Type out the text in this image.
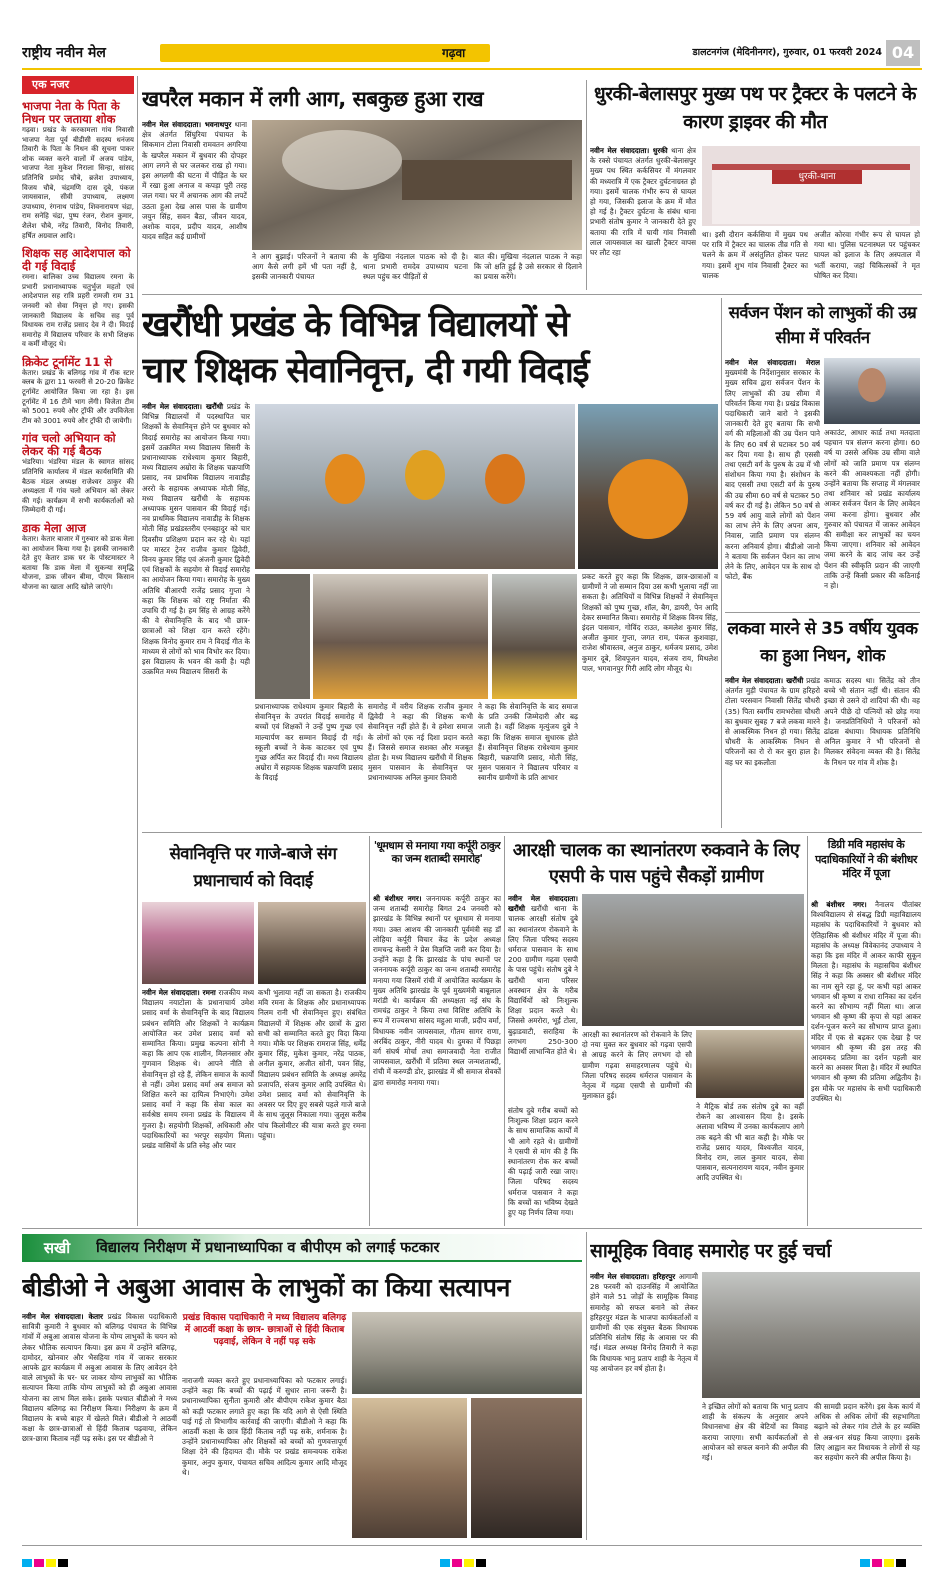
राष्ट्रीय नवीन मेल	गढ़वा	डालटनगंज (मेदिनीनगर), गुरुवार, 01 फरवरी 2024 04
एक नजर
भाजपा नेता के पिता के निधन पर जताया शोक
गढ़वा। प्रखंड के करकामला गांव निवासी भाजपा नेता पूर्व बीडीसी सदस्य धनंजय तिवारी के पिता के निधन की सूचना पाकर शोक व्यक्त करने वालों में अजय पांडेय, भाजपा नेता मुकेश निराला सिन्हा, सांसद प्रतिनिधि प्रमोद चौबे, ब्रजेश उपाध्याय, विजय चौबे, चंद्रमणि दास दूबे, पंकज जायसवाल, सीवी उपाध्याय, लक्ष्मण उपाध्याय, रंगनाथ पांडेय, शिवनारायण चंद्रा, राम सनेहि चंद्रा, पुष्प रंजन, रोशन कुमार, शैलेश चौबे, नरेंद्र तिवारी, विनोद तिवारी, हर्षित अग्रवाल आदि।
शिक्षक सह आदेशपाल को दी गई विदाई
रमना। बालिका उच्च विद्यालय रमना के प्रभारी प्रधानाध्यापक चतुर्भुज महतो एवं आदेशपाल सह रात्रि प्रहरी रामजी राम 31 जनवरी को सेवा निवृत्त हो गए। इसकी जानकारी विद्यालय के सचिव सह पूर्व विधायक राम राजेंद्र प्रसाद देव ने दी। विदाई समारोह में विद्यालय परिवार के सभी शिक्षक व कर्मी मौजूद थे।
क्रिकेट टूर्नामेंट 11 से
केतार। प्रखंड के बलिगढ़ गांव में रॉक स्टार क्लब के द्वारा 11 फरवरी से 20-20 क्रिकेट टूर्नामेंट आयोजित किया जा रहा है। इस टूर्नामेंट में 16 टीमें भाग लेंगी। विजेता टीम को 5001 रुपये और ट्रॉफी और उपविजेता टीम को 3001 रुपये और ट्रॉफी दी जायेगी।
गांव चलो अभियान को लेकर की गई बैठक
भंडरिया। भंडरिया मंडल के स्वागत सांसद प्रतिनिधि कार्यालय में मंडल कार्यसमिति की बैठक मंडल अध्यक्ष राजेश्वर ठाकुर की अध्यक्षता में गांव चलो अभियान को लेकर की गई। कार्यक्रम में सभी कार्यकर्ताओं को जिम्मेदारी दी गई।
डाक मेला आज
केतार। केतार बाजार में गुरुवार को डाक मेला का आयोजन किया गया है। इसकी जानकारी देते हुए केतार डाक घर के पोस्टमास्टर ने बताया कि डाक मेला में सुकन्या समृद्धि योजना, डाक जीवन बीमा, पीएम किसान योजना का खाता आदि खोले जाएंगे।
खपरैल मकान में लगी आग, सबकुछ हुआ राख
नवीन मेल संवाददाता। भवनाथपुर थाना क्षेत्र अंतर्गत सिंघुरिया पंचायत के सिकमान टोला निवासी रामवतन अगरिया के खपरैल मकान में बुधवार की दोपहर आग लगने से घर जलकर राख हो गया। इस अगलगी की घटना में पीड़ित के घर में रखा हुआ अनाज व कपड़ा पूरी तरह जल गया। घर में अचानक आग की लपटें उठता हुआ देख आस पास के ग्रामीण जयुन सिंह, सवन बैठा, जीवन यादव, अशोक यादव, प्रदीप यादव, आशीष यादव सहित कई ग्रामीणों
ने आग बुझाई। परिजनों ने बताया की आग कैसे लगी हमें भी पता नहीं है, इसकी जानकारी पंचायत
के मुखिया नंदलाल पाठक को दी है। थाना प्रभारी रामदेव उपाध्याय घटना स्थल पहुंच कर पीड़ितों से
बात की। मुखिया नंदलाल पाठक ने कहा कि जो क्षति हुई है उसे सरकार से दिलाने का प्रयास करेंगे।
धुरकी-बेलासपुर मुख्य पथ पर ट्रैक्टर के पलटने के कारण ड्राइवर की मौत
नवीन मेल संवाददाता। धुरकी थाना क्षेत्र के रक्से पंचायत अंतर्गत धुरकी-बेलासपुर मुख्य पथ स्थित कर्कसियर में मंगलवार की मध्यरात्रि में एक ट्रैक्टर दुर्घटनाग्रस्त हो गया। इसमें चालक गंभीर रूप से घायल हो गया, जिसकी इलाज के क्रम में मौत हो गई है। ट्रैक्टर दुर्घटना के संबंध थाना प्रभारी संतोष कुमार ने जानकारी देते हुए बताया की रात्रि में घायी गांव निवासी लाल जायसवाल का खाली ट्रैक्टर वापस घर लौट रहा
धुरकी-थाना
था। इसी दौरान कर्कसिया में मुख्य पथ पर रात्रि में ट्रैक्टर का चालक तीव्र गति से चलने के क्रम में असंतुलित होकर पलट गया। इसमें शुभ गांव निवासी ट्रैक्टर का चालक
अजीत कोरवा गंभीर रूप से घायल हो गया था। पुलिस घटनास्थल पर पहुंचकर घायल को इलाज के लिए अस्पताल में भर्ती कराया, जहां चिकित्सकों ने मृत घोषित कर दिया।
खरौंधी प्रखंड के विभिन्न विद्यालयों से
चार शिक्षक सेवानिवृत्त, दी गयी विदाई
नवीन मेल संवाददाता। खरौंधी प्रखंड के विभिन्न विद्यालयों में पदस्थापित चार शिक्षकों के सेवानिवृत्त होने पर बुधवार को विदाई समारोह का आयोजन किया गया। इसमें उत्क्रमित मध्य विद्यालय सिसरी के प्रधानाध्यापक राधेश्याम कुमार बिहारी, मध्य विद्यालय अम्रोरा के शिक्षक चक्रपाणि प्रसाद, नव प्राथमिक विद्यालय नावाडीह अररो के सहायक अध्यापक मोती सिंह, मध्य विद्यालय खरौंधी के सहायक अध्यापक मुसन पासवान की विदाई गई। नव प्राथमिक विद्यालय नावाडीह के शिक्षक मोती सिंह प्रखंडस्तरीय एनबहादुर को चार दिवसीय प्रशिक्षण प्रदान कर रहे थे। यहां पर मास्टर ट्रेनर राजीव कुमार द्विवेदी, विनय कुमार सिंह एवं अंजनी कुमार द्विवेदी एवं शिक्षकों के सहयोग से विदाई समारोह का आयोजन किया गया। समारोह के मुख्य अतिथि बीआरपी राजेंद्र प्रसाद गुप्ता ने कहा कि शिक्षक को राष्ट्र निर्माता की उपाधि दी गई है। हम सिंह से आग्रह करेंगे की वे सेवानिवृत्ति के बाद भी छात्र-छात्राओं को शिक्षा दान करते रहेंगे। शिक्षक विनोद कुमार राम ने विदाई गीत के माध्यम से लोगों को भाव विभोर कर दिया। इस विद्यालय के भवन की कमी है। यही उत्क्रमित मध्य विद्यालय सिसरी के
प्रधानाध्यापक राधेश्याम कुमार बिहारी के सेवानिवृत्त के उपरांत विदाई समारोह में बच्चों एवं शिक्षकों ने उन्हें पुष्प गुच्छ एवं माल्यार्पण कर सम्मान विदाई दी गई। स्कूली बच्चों ने केक काटकर एवं पुष्प गुच्छ अर्पित कर विदाई दी। मध्य विद्यालय अम्रोरा में सहायक शिक्षक चक्रपाणि प्रसाद के विदाई
समारोह में वरीय शिक्षक राजीव कुमार द्विवेदी ने कहा की शिक्षक कभी सेवानिवृत्त नहीं होते हैं। वे हमेशा समाज के लोगों को एक नई दिशा प्रदान करते हैं। जिससे समाज सशक्त और मजबूत होता है। मध्य विद्यालय खरौंधी में शिक्षक मुसन पासवान के सेवानिवृत्त पर प्रधानाध्यापक अनिल कुमार तिवारी
ने कहा कि सेवानिवृत्ति के बाद समाज के प्रति उनकी जिम्मेदारी और बढ़ जाती है। वहीं शिक्षक मृत्युंजय दुबे ने कहा कि शिक्षक समाज सुधारक होते हैं। सेवानिवृत्त शिक्षक राधेश्याम कुमार बिहारी, चक्रपाणि प्रसाद, मोती सिंह, मुसन पासवान ने विद्यालय परिवार व स्वानीय ग्रामीणों के प्रति आभार
प्रकट करते हुए कहा कि शिक्षक, छात्र-छात्राओं व ग्रामीणों ने जो सम्मान दिया उस कभी भुलाया नहीं जा सकता है। अतिथियों व विभिन्न शिक्षकों ने सेवानिवृत्त शिक्षकों को पुष्प गुच्छ, शॉल, बैग, डायरी, पेन आदि देकर सम्मानित किया। समारोह में शिक्षक विनय सिंह, इंदल पासवान, गोविंद राउत, कमलेश कुमार सिंह, अजीत कुमार गुप्ता, जगत राम, पंकज कुशवाहा, राजेश श्रीवास्तव, अनुज ठाकुर, धर्मजय प्रसाद, उमेश कुमार दूबे, शिवपूजन यादव, संजय राय, मिथलेश पाल, भगवानपुर गिरी आदि लोग मौजूद थे।
सर्वजन पेंशन को लाभुकों की उम्र सीमा में परिवर्तन
नवीन मेल संवाददाता। मेराल मुख्यमंत्री के निर्देशानुसार सरकार के मुख्य सचिव द्वारा सर्वजन पेंशन के लिए लाभुकों की उम्र सीमा में परिवर्तन किया गया है। प्रखंड विकास पदाधिकारी जाने बारो ने इसकी जानकारी देते हुए बताया कि सभी वर्ग की महिलाओं की उम्र पेंशन पाने के लिए 60 वर्ष से घटाकर 50 वर्ष कर दिया गया है। साथ ही एससी तथा एसटी वर्ग के पुरुष के उम्र में भी संशोधन किया गया है। संशोधन के बाद एससी तथा एसटी वर्ग के पुरुष की उम्र सीमा 60 वर्ष से घटाकर 50 वर्ष कर दी गई है। लेकिन 50 वर्ष से 59 वर्ष आयु वाले लोगों को पेंशन का लाभ लेने के लिए अपना आय, निवास, जाति प्रमाण पत्र संलग्न करना अनिवार्य होगा। बीडीओ जानो ने बताया कि सर्वजन पेंशन का लाभ लेने के लिए, आवेदन पत्र के साथ दो फोटो, बैंक
अकाउंट, आधार कार्ड तथा मतदाता पहचान पत्र संलग्न करना होगा। 60 वर्ष या उससे अधिक उम्र सीमा वाले लोगों को जाति प्रमाण पत्र संलग्न करने की आवश्यकता नहीं होगी। उन्होंने बताया कि सप्ताह में मंगलवार तथा शनिवार को प्रखंड कार्यालय आकर सर्वजन पेंशन के लिए आवेदन जमा करना होगा। बुधवार और गुरुवार को पंचायत में जाकर आवेदन की समीक्षा कर लाभुकों का चयन किया जाएगा। शनिवार को आवेदन जमा करने के बाद जांच कर उन्हें पेंशन की स्वीकृति प्रदान की जाएगी ताकि उन्हें किसी प्रकार की कठिनाई न हो।
लकवा मारने से 35 वर्षीय युवक का हुआ निधन, शोक
नवीन मेल संवाददाता। खरौंधी प्रखंड अंतर्गत मुड़ी पंचायत के ग्राम हरिहरो टोला परसवान निवासी सितेंद्र चौधरी (35) पिता स्वर्गीय रामभरोसा चौधरी का बुधवार सुबह 7 बजे लकवा मारने से आकस्मिक निधन हो गया। सितेंद्र चौधरी के आकस्मिक निधन से परिजनों का रो रो कर बुरा हाल है। वह घर का इकलौता
कमाऊ सदस्य था। सितेंद्र को तीन बच्चे भी संतान नहीं थी। संतान की इच्छा से उसने दो शादियां की थी। वह अपने पीछे दो पत्नियों को छोड़ गया है। जनप्रतिनिधियों ने परिजनों को ढांढस बंधाया। विधायक प्रतिनिधि अनिल कुमार ने भी परिजनों से मिलकर संवेदना व्यक्त की है। सितेंद्र के निधन पर गांव में शोक है।
सेवानिवृत्ति पर गाजे-बाजे संग प्रधानाचार्य को विदाई
नवीन मेल संवाददाता। रमना राजकीय मध्य विद्यालय नयाटोला के प्रधानाचार्य उमेश प्रसाद वर्मा के सेवानिवृत्ति के बाद विद्यालय प्रबंधन समिति और शिक्षकों ने कार्यक्रम आयोजित कर उमेश प्रसाद वर्मा को सम्मानित किया। प्रमुख कल्पना सोनी ने कहा कि आप एक शालीन, मिलनसार और गुणवान शिक्षक थे। आपने नीति से सेवानिवृत्त हो रहे हैं, लेकिन समाज के कार्यों से नहीं। उमेश प्रसाद वर्मा अब समाज को शिक्षित करने का दायित्व निभाएंगे। उमेश प्रसाद वर्मा ने कहा कि सेवा काल का सर्वश्रेष्ठ समय रमना प्रखंड के विद्यालय में गुजरा है। सहयोगी शिक्षकों, अधिकारी और पदाधिकारियों का भरपूर सहयोग मिला। प्रखंड वासियों के प्रति स्नेह और प्यार
कभी भुलाया नहीं जा सकता है। राजकीय मवि रमना के शिक्षक और प्रधानाध्यापक निलम रानी भी सेवानिवृत्त हुए। संबंधित विद्यालयों में शिक्षक और छात्रों के द्वारा सभी को सम्मानित करते हुए विदा किया गया। मौके पर शिक्षक रामराज सिंह, धर्मेंद्र कुमार सिंह, मुकेश कुमार, नरेंद्र पाठक, अनील कुमार, अजीत सोनी, पवन सिंह, विद्यालय प्रबंधन समिति के अध्यक्ष अमरेंद्र प्रजापति, संजय कुमार आदि उपस्थित थे। उमेश प्रसाद वर्मा को सेवानिवृत्ति के अवसर पर दिए हुए सबसे पहले गाजे बाजे के साथ जुलूस निकाला गया। जुलूस करीब पांच किलोमीटर की यात्रा करते हुए रमना पहुंचा।
'धूमधाम से मनाया गया कर्पूरी ठाकुर का जन्म शताब्दी समारोह'
श्री बंशीधर नगर। जननायक कर्पूरी ठाकुर का जन्म शताब्दी समारोह बिगत 24 जनवरी को झारखंड के विभिन्न स्थानों पर धूमधाम से मनाया गया। उक्त आशय की जानकारी पूर्वमंत्री सह डॉ लोहिया कर्पूरी विचार केंद्र के प्रदेश अध्यक्ष रामचन्द्र केसरी ने प्रेस विज्ञप्ति जारी कर दिया है। उन्होंने कहा है कि झारखंड के पांच स्थानों पर जननायक कर्पूरी ठाकुर का जन्म शताब्दी समारोह मनाया गया जिसमें रांची में आयोजित कार्यक्रम के मुख्य अतिथि झारखंड के पूर्व मुख्यमंत्री बाबूलाल मरांडी थे। कार्यक्रम की अध्यक्षता नई संघ के रामचंद्र ठाकुर ने किया तथा विशिष्ट अतिथि के रूप में राज्यसभा सांसद महुआ माजी, प्रदीप वर्मा, विधायक नवीन जायसवाल, गौतम सागर राणा, अरबिंद ठाकुर, नीरी यादव थे। दुमका में पिछड़ा वर्ग संघर्ष मोर्चा तथा समाजवादी नेता राजीत जायसवाल, खरौंधी में प्रतिमा स्थल जन्मशताब्दी, रांची में करुण्डी डोर, झारखंड में श्री समाज सेवकों द्वारा समारोह मनाया गया।
आरक्षी चालक का स्थानांतरण रुकवाने के लिए एसपी के पास पहुंचे सैकड़ों ग्रामीण
नवीन मेल संवाददाता। खरौंधी खरौंधी थाना के चालक आरक्षी संतोष दुबे का स्थानांतरण रोकवाने के लिए जिला परिषद सदस्य धर्मराज पासवान के साथ 200 ग्रामीण गढ़वा एसपी के पास पहुंचे। संतोष दुबे ने खरौंधी थाना परिसर अवस्थान क्षेत्र के गरीब विद्यार्थियों को निःशुल्क शिक्षा प्रदान करते थे। जिससे अमरोरा, भूर्ई टोला, बुढ़ाडवाटी, सराहिया के लगभग 250-300 विद्यार्थी लाभान्वित होते थे।
संतोष दुबे गरीब बच्चों को निःशुल्क शिक्षा प्रदान करने के साथ सामाजिक कार्यों में भी आगे रहते थे। ग्रामीणों ने एसपी से मांग की है कि स्थानांतरण रोक कर बच्चों की पढ़ाई जारी रखा जाए। जिला परिषद सदस्य धर्मराज पासवान ने कहा कि बच्चों का भविष्य देखते हुए यह निर्णय लिया गया।
आरक्षी का स्थानांतरण को रोकवाने के लिए दो नया मुक्त कर बुधवार को गढ़वा एसपी से आग्रह करने के लिए लगभग दो सौ ग्रामीण गढ़वा समाहरणालय पहुंचे थे। जिला परिषद सदस्य धर्मराज पासवान के नेतृत्व में गढ़वा एसपी से ग्रामीणों की मुलाकात हुई।
ने मैट्रिक बोर्ड तक संतोष दुबे का वहीं रोकने का आश्वासन दिया है। इसके अलावा भविष्य में उनका कार्यकलाप आगे तक बढ़ने की भी बात कही है। मौके पर राजेंद्र प्रसाद यादव, विश्वजीत यादव, विनोद राम, लाल कुमार यादव, सेवा पासवान, सत्यनारायण यादव, नवीन कुमार आदि उपस्थित थे।
डिग्री मवि महासंघ के पदाधिकारियों ने की बंशीधर मंदिर में पूजा
श्री बंशीधर नगर। नैनालय पीतांबर विश्वविद्यालय से संबद्ध डिग्री महाविद्यालय महासंघ के पदाधिकारियों ने बुधवार को ऐतिहासिक श्री बंशीधर मंदिर में पूजा की। महासंघ के अध्यक्ष विवेकानंद उपाध्याय ने कहा कि इस मंदिर में आकर काफी सुकून मिलता है। महासंघ के महासचिव बंशीधर सिंह ने कहा कि अक्सर श्री बंशीधर मंदिर का नाम सुने रहा हूं, पर कभी यहां आकर भगवान श्री कृष्ण व राधा रानिका का दर्शन करने का सौभाग्य नहीं मिला था। आज भगवान श्री कृष्ण की कृपा से यहां आकर दर्शन-पूजन करने का सौभाग्य प्राप्त हुआ। मंदिर में एक से बढ़कर एक देखा है पर भगवान श्री कृष्ण की इस तरह की आदमकद प्रतिमा का दर्शन पहली बार करने का अवसर मिला है। मंदिर में स्थापित भगवान श्री कृष्ण की प्रतिमा अद्वितीय है। इस मौके पर महासंघ के सभी पदाधिकारी उपस्थित थे।
सखी	विद्यालय निरीक्षण में प्रधानाध्यापिका व बीपीएम को लगाई फटकार
बीडीओ ने अबुआ आवास के लाभुकों का किया सत्यापन
नवीन मेल संवाददाता। केतार प्रखंड विकास पदाधिकारी सावित्री कुमारी ने बुधवार को बलिगढ़ पंचायत के विभिन्न गांवों में अबुआ आवास योजना के योग्य लाभुकों के चयन को लेकर भौतिक सत्यापन किया। इस क्रम में उन्होंने बलिगढ़, दामोदर, खोनवार और भैसहिया गांव में जाकर सरकार आपके द्वार कार्यक्रम में अबुआ आवास के लिए आवेदन देने वाले लाभुकों के घर- घर जाकर योग्य लाभुकों का भौतिक सत्यापन किया ताकि योग्य लाभुकों को ही अबुआ आवास योजना का लाभ मिल सके। इसके पश्चात बीडीओ ने मध्य विद्यालय बलिगढ़ का निरीक्षण किया। निरीक्षण के क्रम में विद्यालय के बच्चे बाहर में खेलते मिले। बीडीओ ने आठवीं कक्षा के छात्र-छात्राओं से हिंदी किताब पढ़वाया, लेकिन छात्र-छात्रा किताब नहीं पढ़ सके। इस पर बीडीओ ने
प्रखंड विकास पदाधिकारी ने मध्य विद्यालय बलिगढ़ में आठवीं कक्षा के छात्र- छात्राओं से हिंदी किताब पढ़वाई, लेकिन वे नहीं पढ़ सके
नाराजगी व्यक्त करते हुए प्रधानाध्यापिका को फटकार लगाई। उन्होंने कहा कि बच्चों की पढ़ाई में सुधार लाना जरूरी है। प्रधानाध्यापिका सुनीता कुमारी और बीपीएम राकेश कुमार बैठा को कड़ी फटकार लगाते हुए कहा कि यदि आगे से ऐसी स्थिति पाई गई तो विभागीय कार्रवाई की जाएगी। बीडीओ ने कहा कि आठवीं कक्षा के छात्र हिंदी किताब नहीं पढ़ सके, शर्मनाक है। उन्होंने प्रधानाध्यापिका और शिक्षकों को बच्चों को गुणवत्तापूर्ण शिक्षा देने की हिदायत दी। मौके पर प्रखंड समन्वयक राकेश कुमार, अनुप कुमार, पंचायत सचिव आदित्य कुमार आदि मौजूद थे।
सामूहिक विवाह समारोह पर हुई चर्चा
नवीन मेल संवाददाता। हरिहरपुर आगामी 28 फरवरी को दाउनसिंह में आयोजित होने वाले 51 जोड़ों के सामूहिक विवाह समारोह को सफल बनाने को लेकर हरिहरपुर मंडल के भाजपा कार्यकर्ताओं व ग्रामीणों की एक संयुक्त बैठक विधायक प्रतिनिधि संतोष सिंह के आवास पर की गई। मंडल अध्यक्ष विनोद तिवारी ने कहा कि विधायक भानु प्रताप शाही के नेतृत्व में यह आयोजन हर वर्ष होता है।
ने इच्छित लोगों को बताया कि भानु प्रताप शाही के संकल्प के अनुसार अपने विधानसभा क्षेत्र की बेटियों का विवाह कराया जाएगा। सभी कार्यकर्ताओं से आयोजन को सफल बनाने की अपील की गई।
की सामग्री प्रदान करेंगे। इस केक कार्य में अधिक से अधिक लोगों की सहभागिता बढ़ाने को लेकर गांव टोले के हर व्यक्ति से अन्न-धन संग्रह किया जाएगा। इसके लिए आह्वान कर विधायक ने लोगों से यह कर सहयोग करने की अपील किया है।
